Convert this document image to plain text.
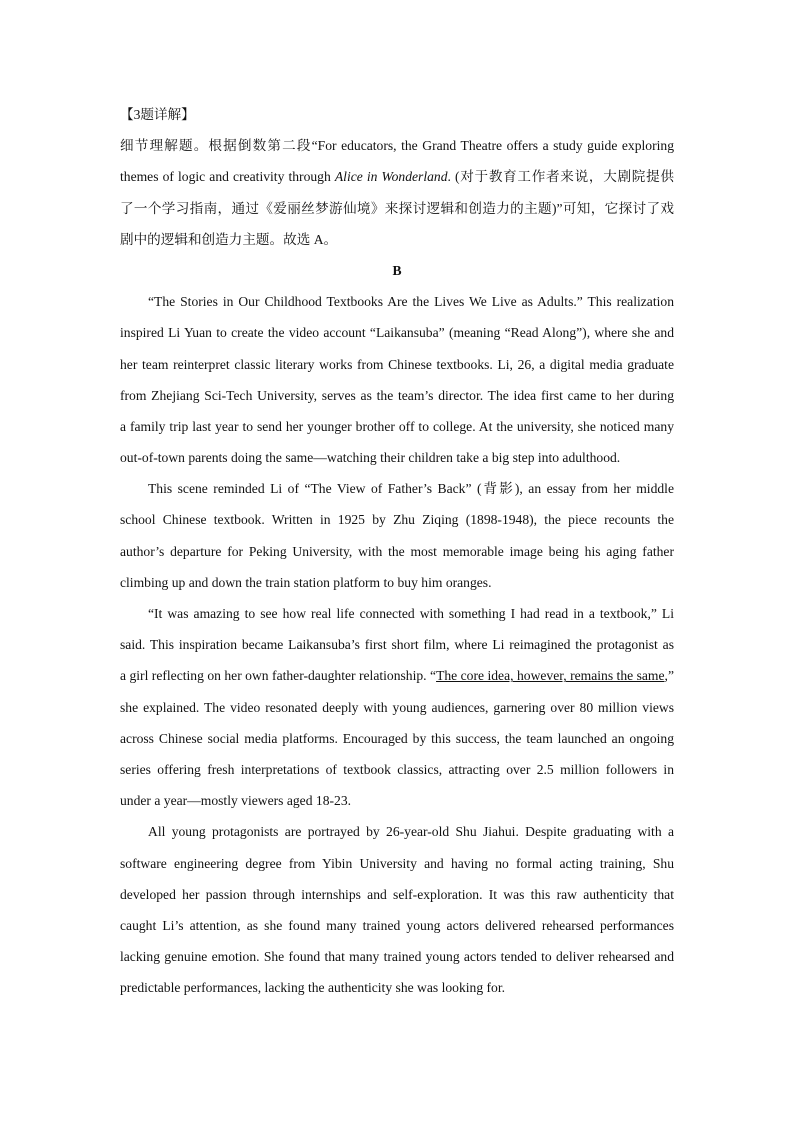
【3题详解】
细节理解题。根据倒数第二段“For educators, the Grand Theatre offers a study guide exploring
themes of logic and creativity through Alice in Wonderland. (对于教育工作者来说，大剧院提供
了一个学习指南，通过《爱丽丝梦游仙境》来探讨逻辑和创造力的主题)”可知，它探讨了戏
剧中的逻辑和创造力主题。故选 A。
B
“The Stories in Our Childhood Textbooks Are the Lives We Live as Adults.” This realization
inspired Li Yuan to create the video account “Laikansuba” (meaning “Read Along”), where she and
her team reinterpret classic literary works from Chinese textbooks. Li, 26, a digital media graduate
from Zhejiang Sci-Tech University, serves as the team’s director. The idea first came to her during
a family trip last year to send her younger brother off to college. At the university, she noticed many
out-of-town parents doing the same—watching their children take a big step into adulthood.
This scene reminded Li of “The View of Father’s Back” (背影), an essay from her middle
school Chinese textbook. Written in 1925 by Zhu Ziqing (1898-1948), the piece recounts the
author’s departure for Peking University, with the most memorable image being his aging father
climbing up and down the train station platform to buy him oranges.
“It was amazing to see how real life connected with something I had read in a textbook,” Li
said. This inspiration became Laikansuba’s first short film, where Li reimagined the protagonist as
a girl reflecting on her own father-daughter relationship. “The core idea, however, remains the same,”
she explained. The video resonated deeply with young audiences, garnering over 80 million views
across Chinese social media platforms. Encouraged by this success, the team launched an ongoing
series offering fresh interpretations of textbook classics, attracting over 2.5 million followers in
under a year—mostly viewers aged 18-23.
All young protagonists are portrayed by 26-year-old Shu Jiahui. Despite graduating with a
software engineering degree from Yibin University and having no formal acting training, Shu
developed her passion through internships and self-exploration. It was this raw authenticity that
caught Li’s attention, as she found many trained young actors delivered rehearsed performances
lacking genuine emotion. She found that many trained young actors tended to deliver rehearsed and
predictable performances, lacking the authenticity she was looking for.
